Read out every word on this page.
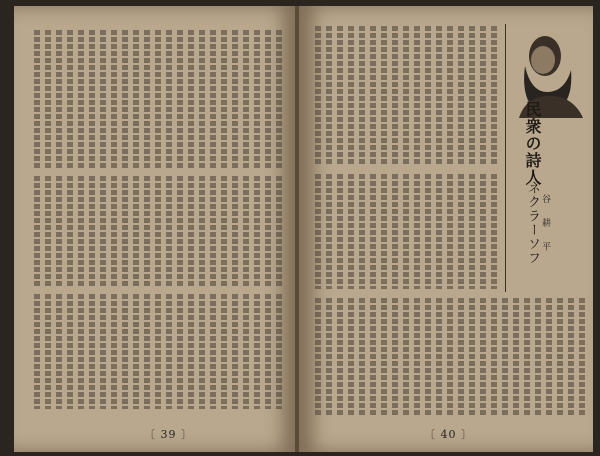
〔 39 〕
民衆の詩人
ネクラーソフ 谷 耕 平
〔 40 〕
